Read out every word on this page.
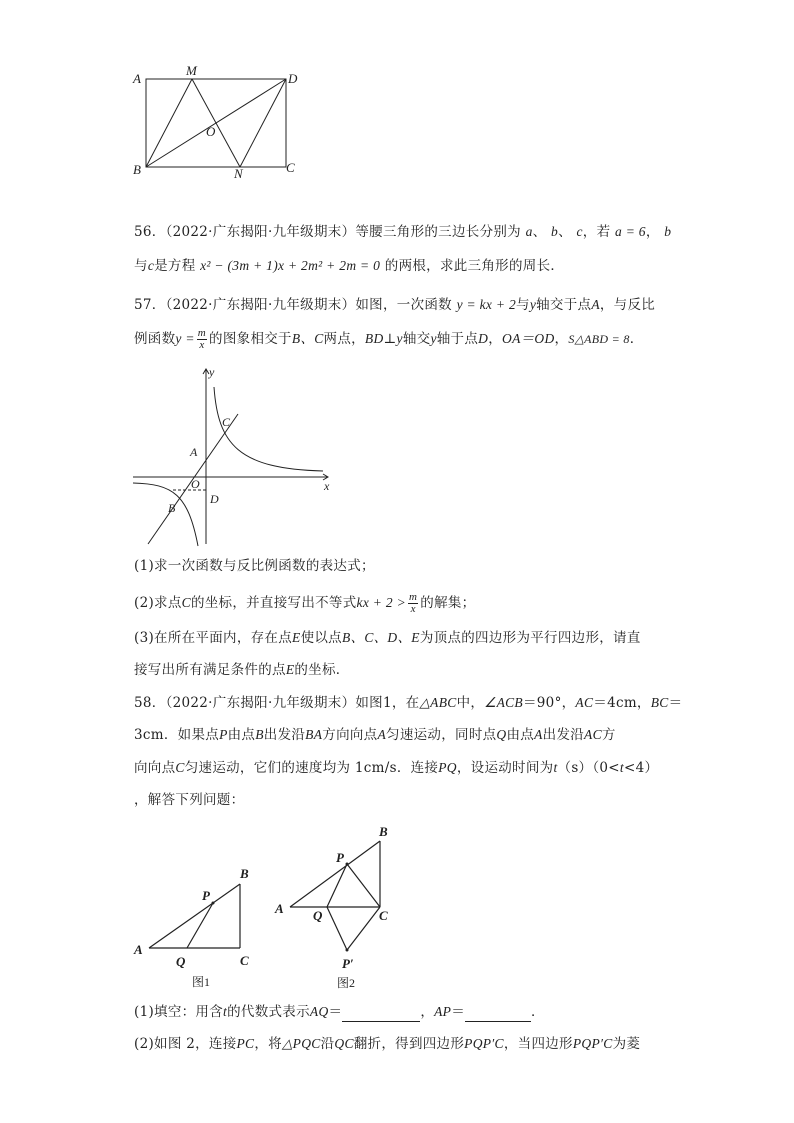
A
M
D
O
B	N	C
56．（2022·广东揭阳·九年级期末）等腰三角形的三边长分别为 a、 b、 c，若 a = 6， b
与c是方程 x² − (3m + 1)x + 2m² + 2m = 0 的两根，求此三角形的周长．
57．（2022·广东揭阳·九年级期末）如图，一次函数 y = kx + 2与y轴交于点A，与反比
例函数$y = \frac{m}{x}$ 的图象相交于B、C两点，BD⊥y轴交y轴于点D，OA＝OD，S△ABD = 8．
y
x
A
C
O
D
B
(1)求一次函数与反比例函数的表达式；
(2)求点C的坐标，并直接写出不等式kx + $2 > \frac{m}{x}$ 的解集；
(3)在所在平面内，存在点E使以点B、C、D、E为顶点的四边形为平行四边形，请直
接写出所有满足条件的点E的坐标．
58．（2022·广东揭阳·九年级期末）如图1，在△ABC中，∠ACB＝90°，AC＝4cm，BC＝
3cm．如果点P由点B出发沿BA方向向点A匀速运动，同时点Q由点A出发沿AC方
向向点C匀速运动，它们的速度均为 1cm/s．连接PQ，设运动时间为t（s）（0<t<4）
，解答下列问题：
A
B
C
P
Q
图1
A
B
C
P
Q
P′
图2
(1)填空：用含t的代数式表示AQ＝	，AP＝	．
(2)如图 2，连接PC，将△PQC沿QC翻折，得到四边形PQP′C，当四边形PQP′C为菱
